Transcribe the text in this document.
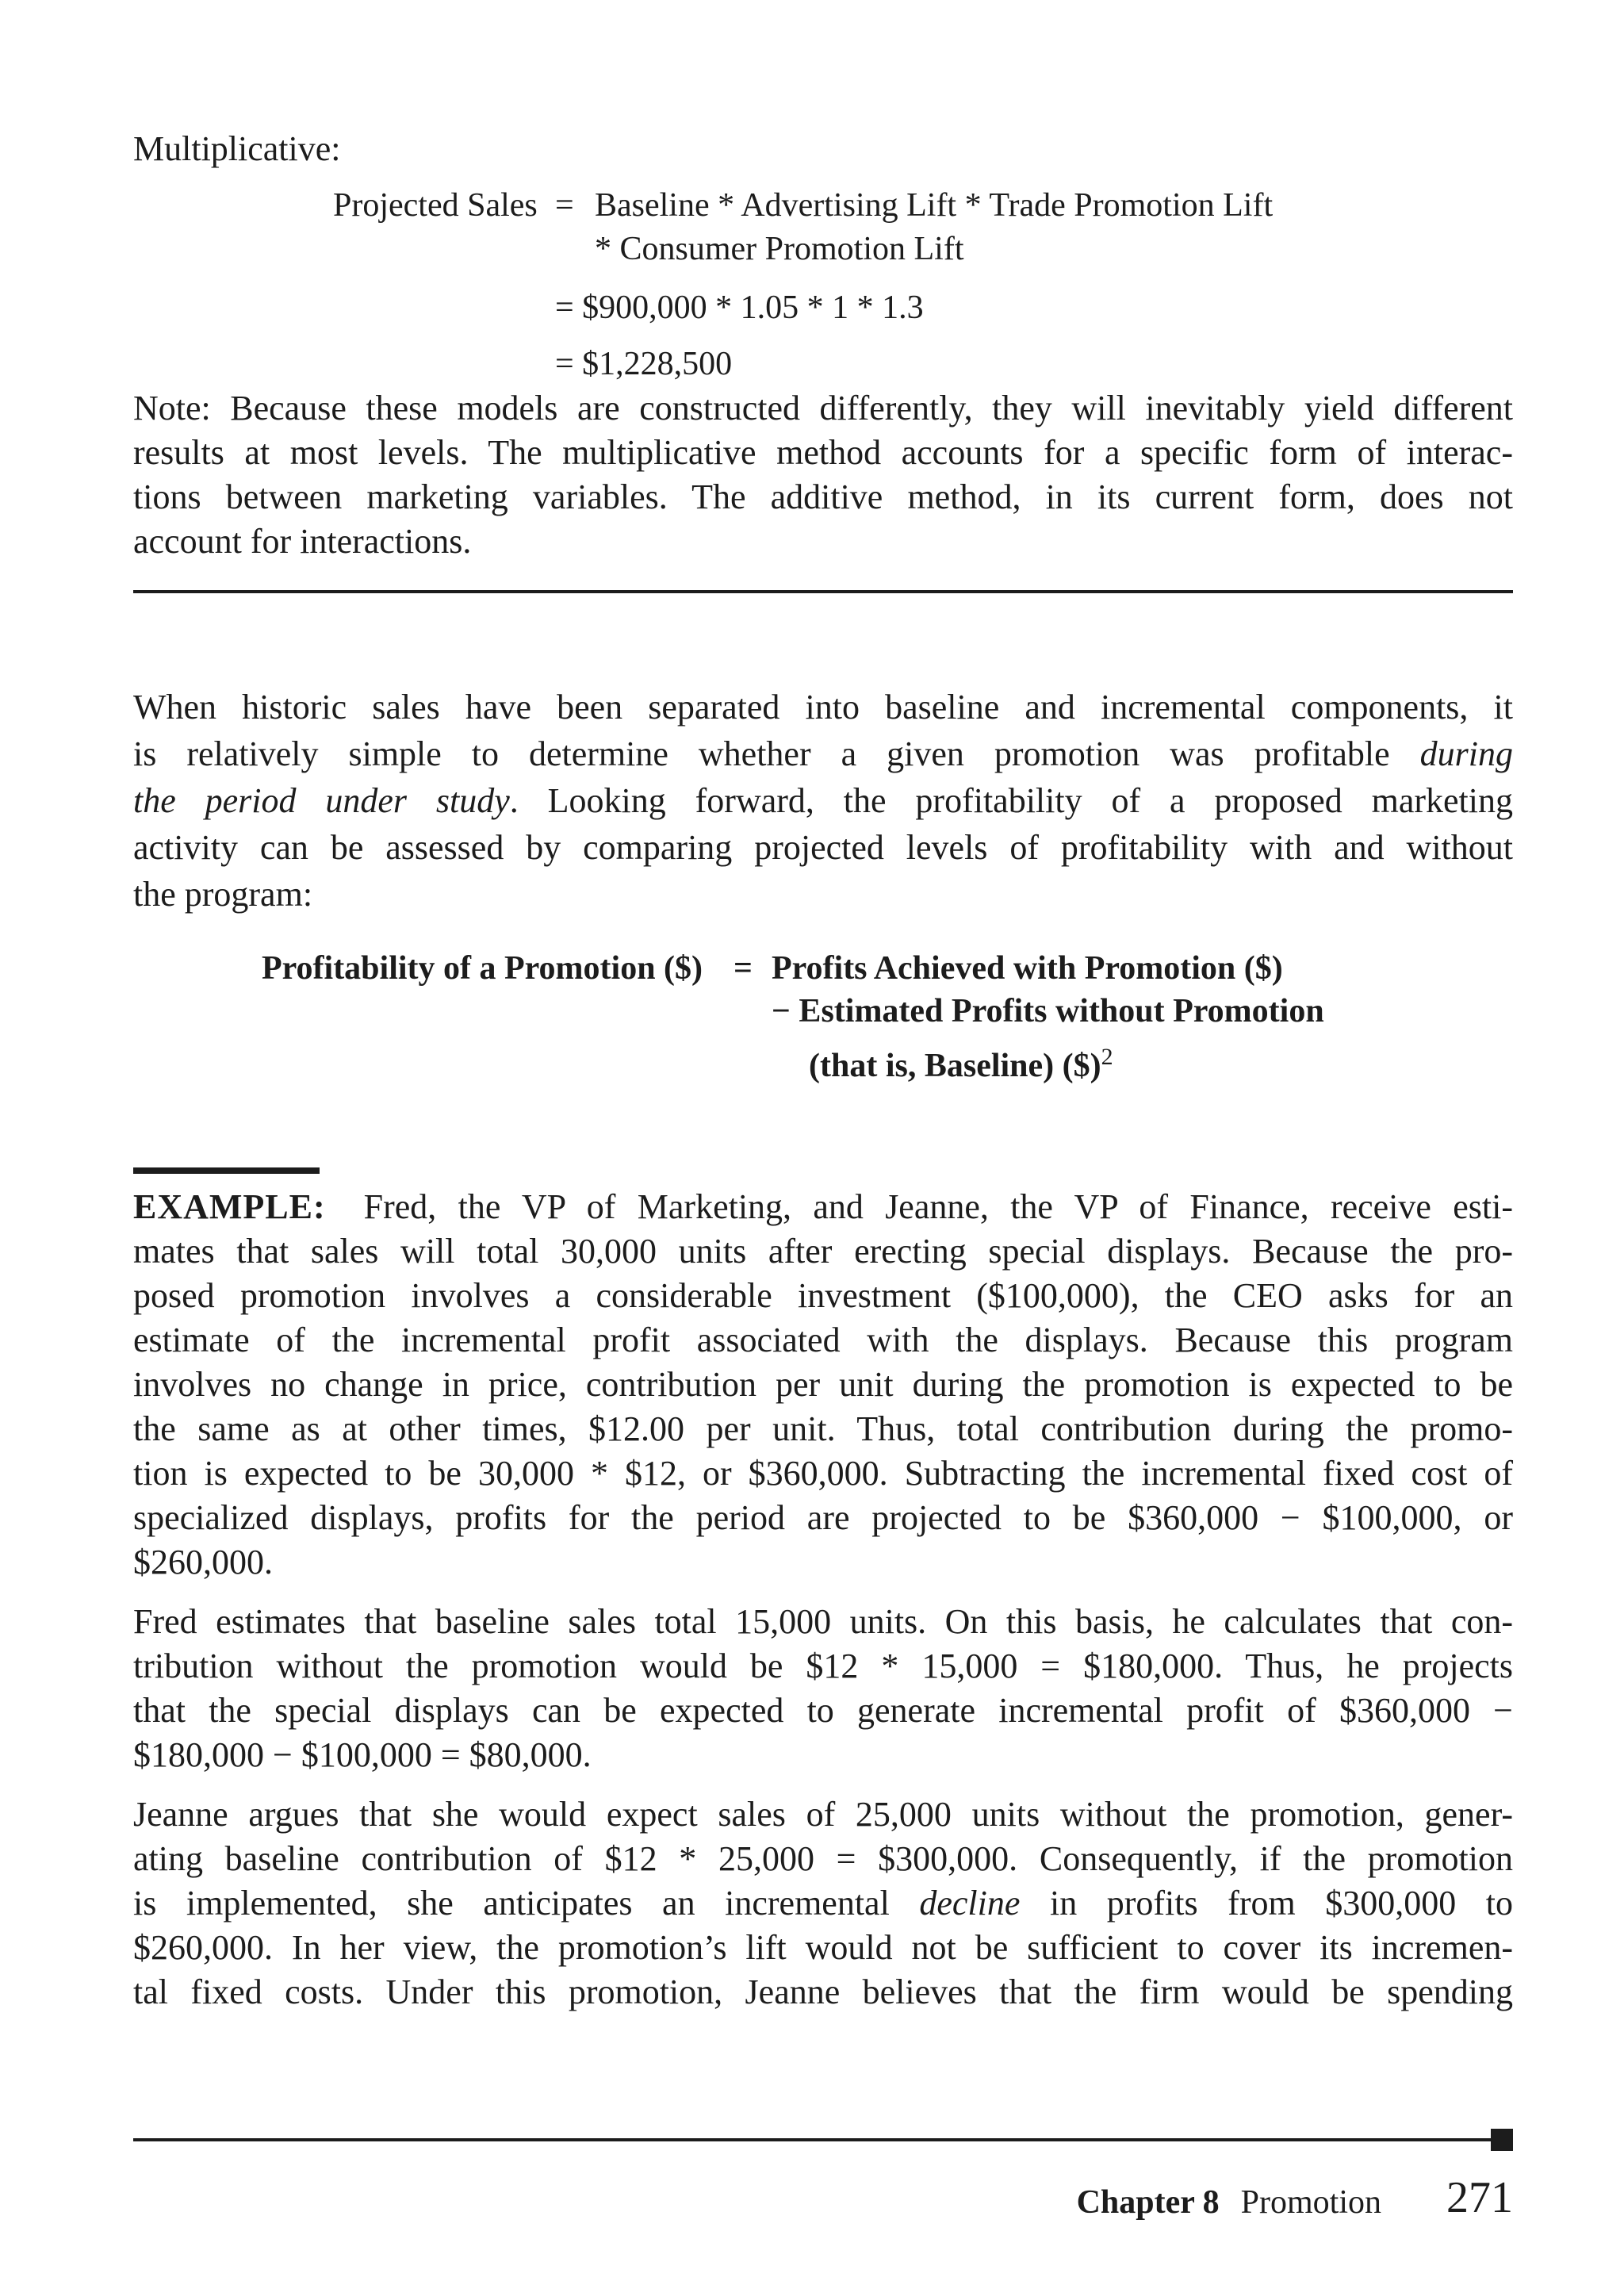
Multiplicative:
Projected Sales = Baseline * Advertising Lift * Trade Promotion Lift
* Consumer Promotion Lift
= $900,000 * 1.05 * 1 * 1.3
= $1,228,500
Note: Because these models are constructed differently, they will inevitably yield different
results at most levels. The multiplicative method accounts for a specific form of interac-
tions between marketing variables. The additive method, in its current form, does not
account for interactions.
When historic sales have been separated into baseline and incremental components, it
is relatively simple to determine whether a given promotion was profitable during
the period under study. Looking forward, the profitability of a proposed marketing
activity can be assessed by comparing projected levels of profitability with and without
the program:
Profitability of a Promotion ($) = Profits Achieved with Promotion ($)
− Estimated Profits without Promotion
(that is, Baseline) ($)$^2$
EXAMPLE: Fred, the VP of Marketing, and Jeanne, the VP of Finance, receive esti-
mates that sales will total 30,000 units after erecting special displays. Because the pro-
posed promotion involves a considerable investment ($100,000), the CEO asks for an
estimate of the incremental profit associated with the displays. Because this program
involves no change in price, contribution per unit during the promotion is expected to be
the same as at other times, $12.00 per unit. Thus, total contribution during the promo-
tion is expected to be 30,000 * $12, or $360,000. Subtracting the incremental fixed cost of
specialized displays, profits for the period are projected to be $360,000 − $100,000, or
$260,000.
Fred estimates that baseline sales total 15,000 units. On this basis, he calculates that con-
tribution without the promotion would be $12 * 15,000 = $180,000. Thus, he projects
that the special displays can be expected to generate incremental profit of $360,000 −
$180,000 − $100,000 = $80,000.
Jeanne argues that she would expect sales of 25,000 units without the promotion, gener-
ating baseline contribution of $12 * 25,000 = $300,000. Consequently, if the promotion
is implemented, she anticipates an incremental decline in profits from $300,000 to
$260,000. In her view, the promotion’s lift would not be sufficient to cover its incremen-
tal fixed costs. Under this promotion, Jeanne believes that the firm would be spending
Chapter 8 Promotion 271
